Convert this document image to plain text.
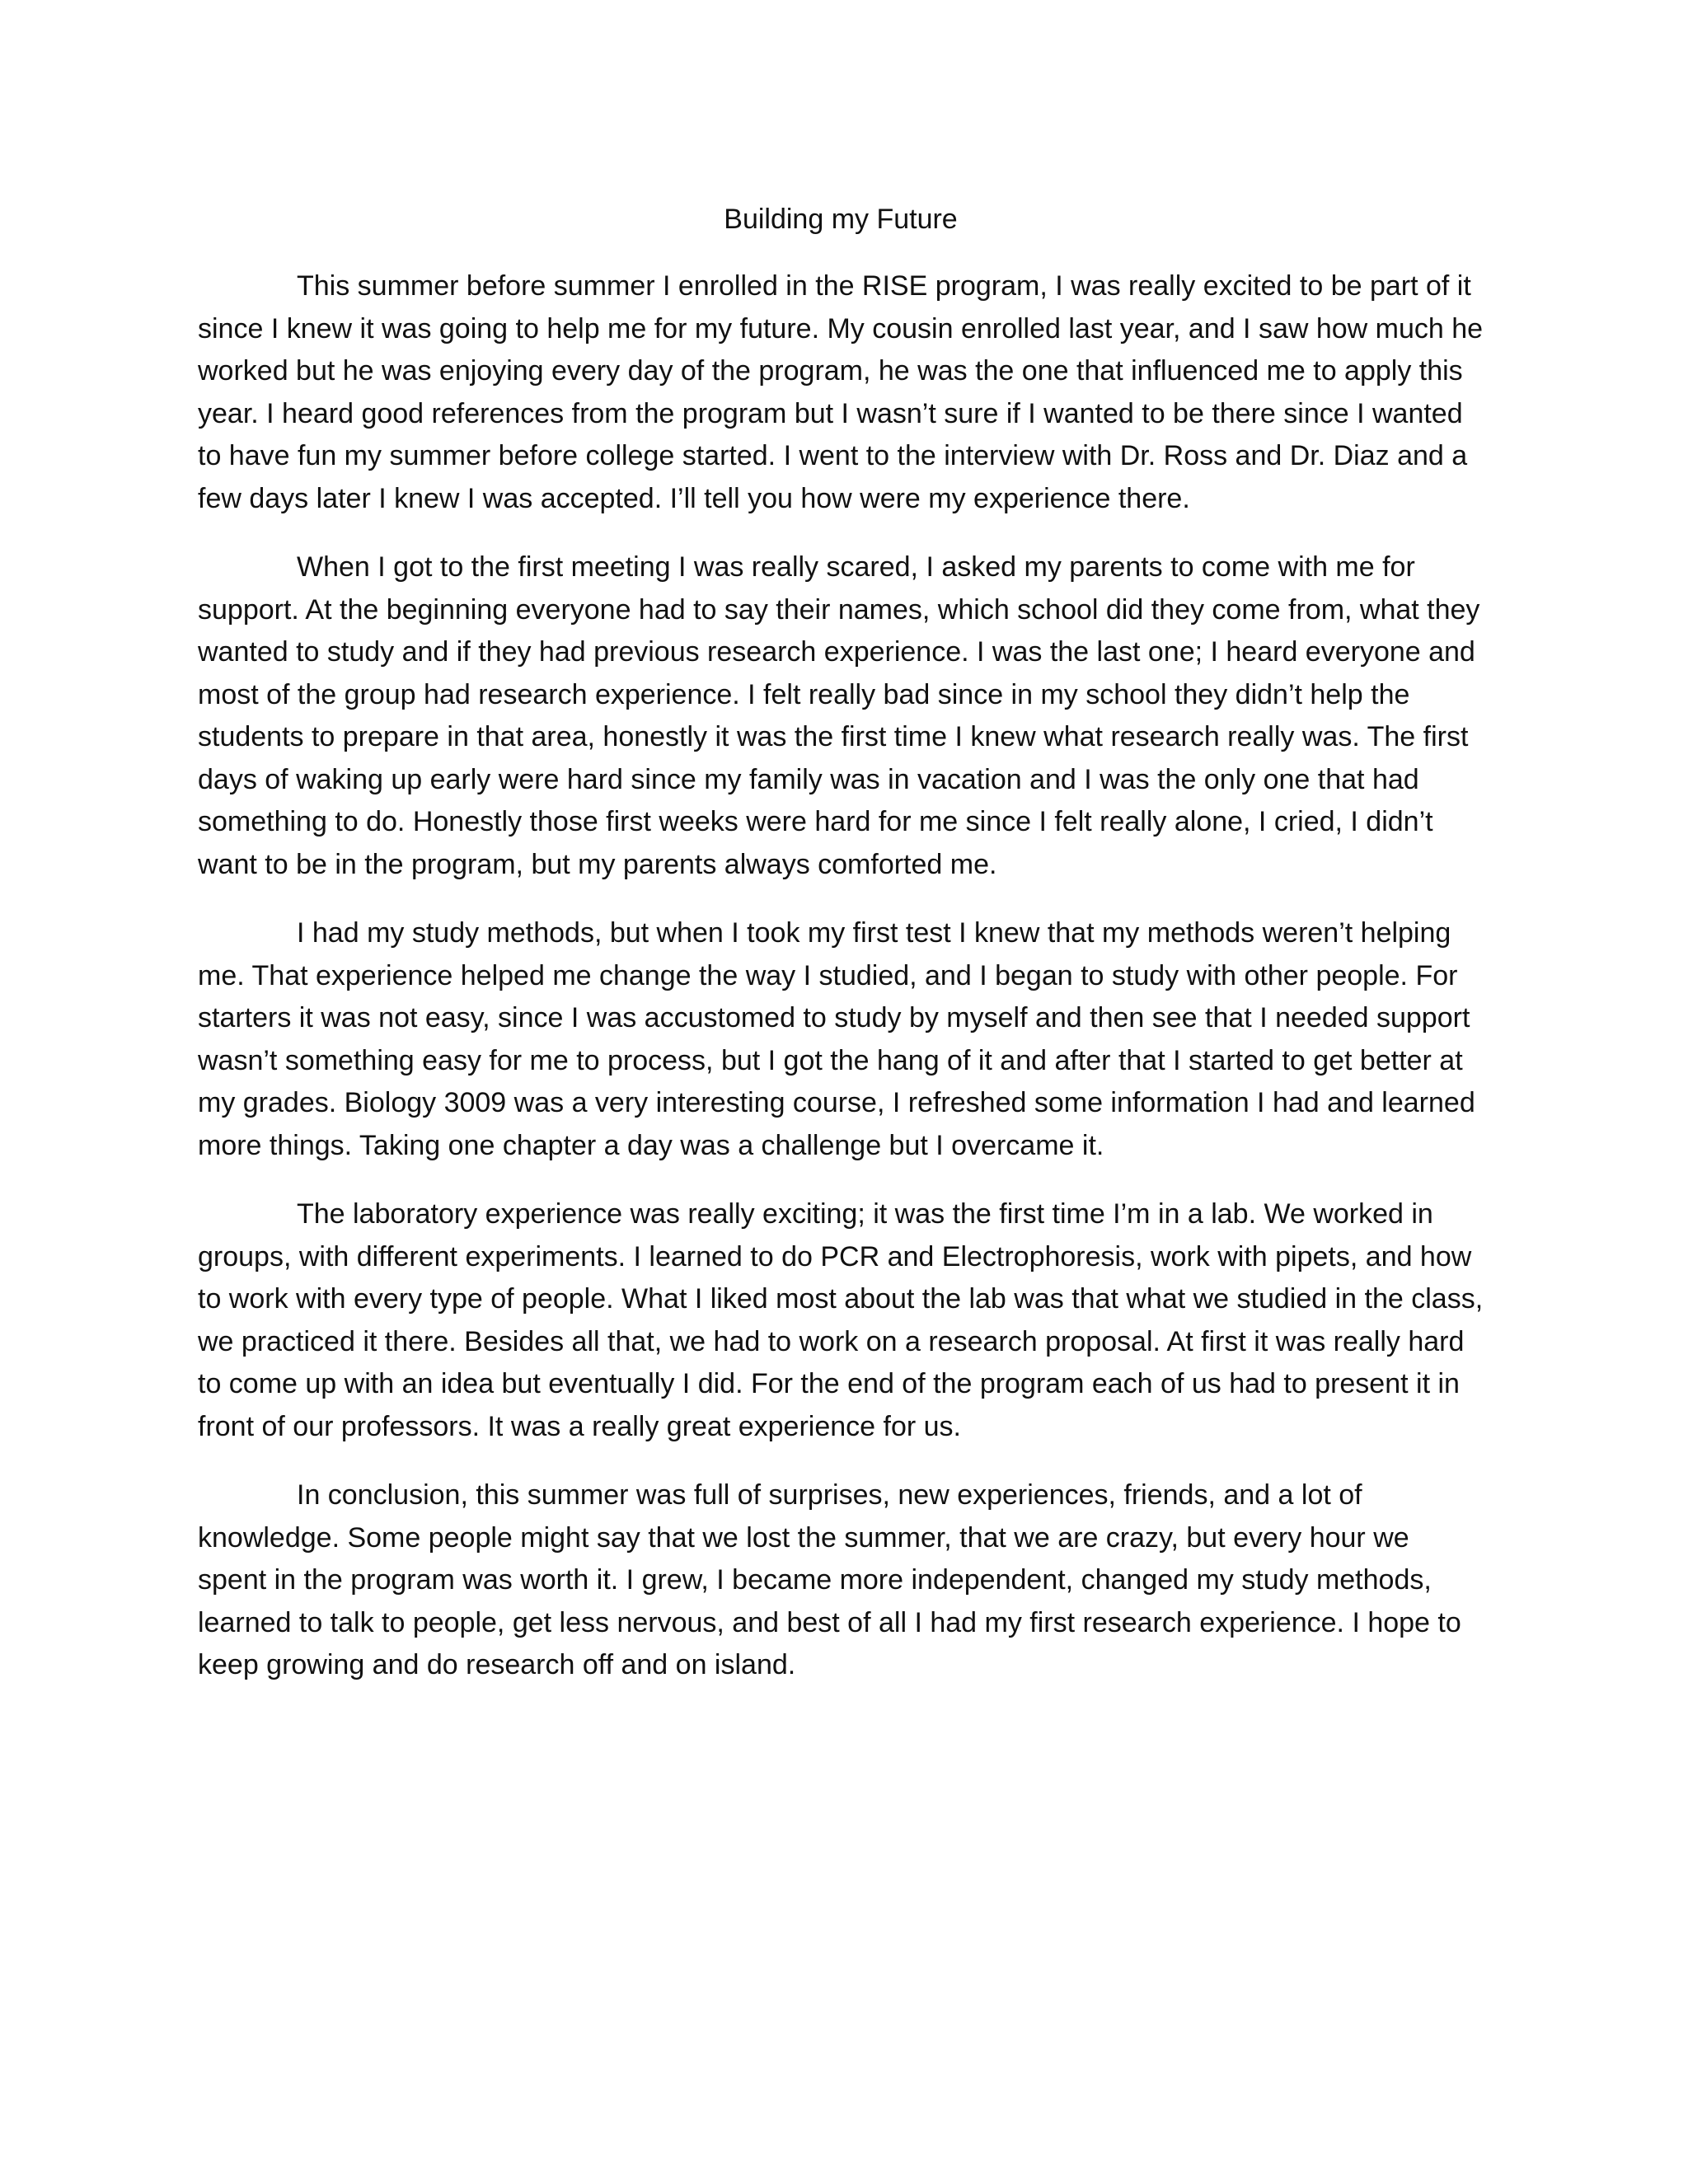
Building my Future

This summer before summer I enrolled in the RISE program, I was really excited to be part of it since I knew it was going to help me for my future. My cousin enrolled last year, and I saw how much he worked but he was enjoying every day of the program, he was the one that influenced me to apply this year. I heard good references from the program but I wasn’t sure if I wanted to be there since I wanted to have fun my summer before college started. I went to the interview with Dr. Ross and Dr. Diaz and a few days later I knew I was accepted. I’ll tell you how were my experience there.

When I got to the first meeting I was really scared, I asked my parents to come with me for support. At the beginning everyone had to say their names, which school did they come from, what they wanted to study and if they had previous research experience. I was the last one; I heard everyone and most of the group had research experience. I felt really bad since in my school they didn’t help the students to prepare in that area, honestly it was the first time I knew what research really was. The first days of waking up early were hard since my family was in vacation and I was the only one that had something to do. Honestly those first weeks were hard for me since I felt really alone, I cried, I didn’t want to be in the program, but my parents always comforted me.

I had my study methods, but when I took my first test I knew that my methods weren’t helping me. That experience helped me change the way I studied, and I began to study with other people. For starters it was not easy, since I was accustomed to study by myself and then see that I needed support wasn’t something easy for me to process, but I got the hang of it and after that I started to get better at my grades. Biology 3009 was a very interesting course, I refreshed some information I had and learned more things. Taking one chapter a day was a challenge but I overcame it.

The laboratory experience was really exciting; it was the first time I’m in a lab. We worked in groups, with different experiments. I learned to do PCR and Electrophoresis, work with pipets, and how to work with every type of people. What I liked most about the lab was that what we studied in the class, we practiced it there. Besides all that, we had to work on a research proposal. At first it was really hard to come up with an idea but eventually I did. For the end of the program each of us had to present it in front of our professors. It was a really great experience for us.

In conclusion, this summer was full of surprises, new experiences, friends, and a lot of knowledge. Some people might say that we lost the summer, that we are crazy, but every hour we spent in the program was worth it. I grew, I became more independent, changed my study methods, learned to talk to people, get less nervous, and best of all I had my first research experience. I hope to keep growing and do research off and on island.
